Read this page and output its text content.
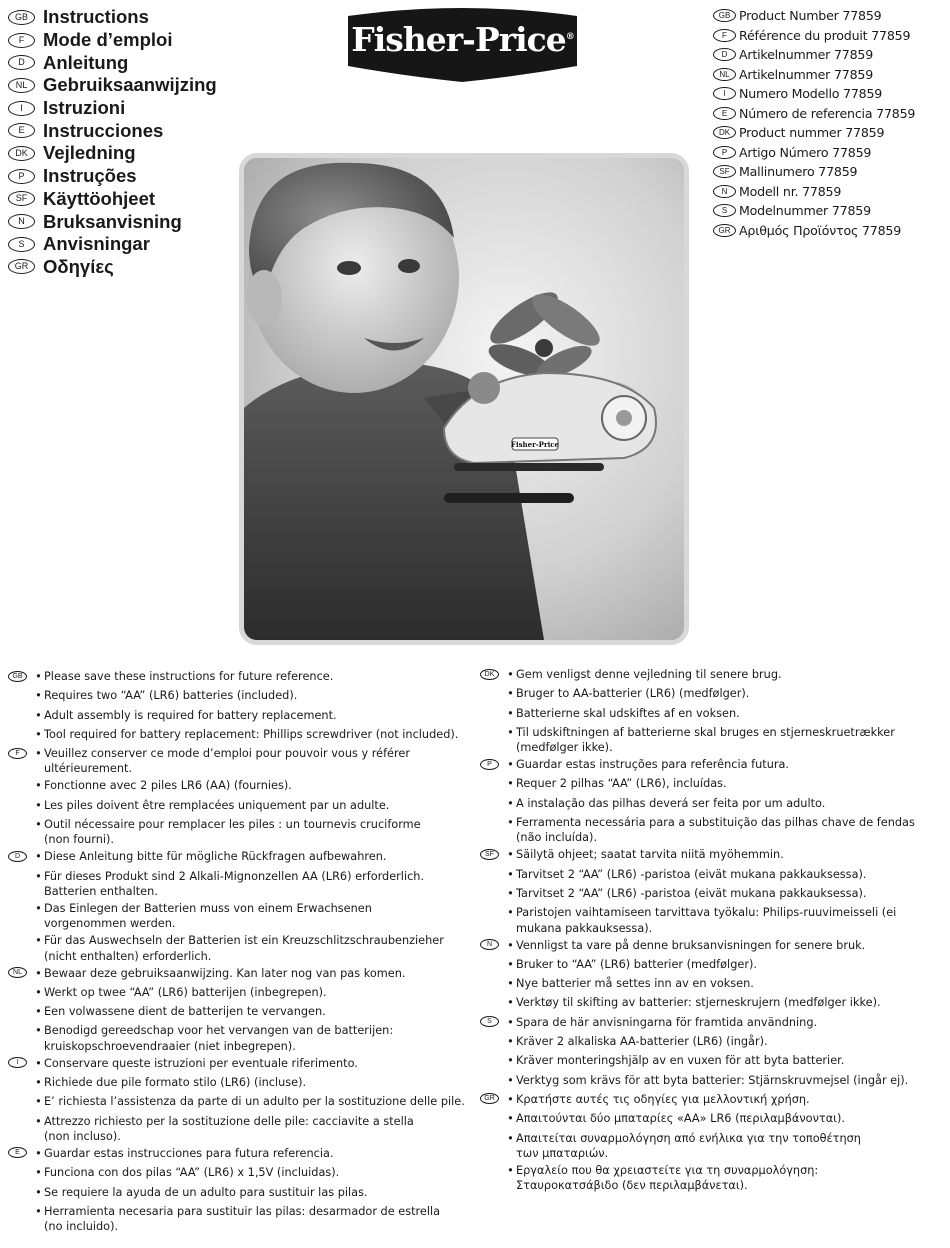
GB Instructions
F	Mode d’emploi
D Anleitung
NL Gebruiksaanwijzing
I	Istruzioni
E	Instrucciones
DK Vejledning
P	Instruções
SF Käyttöohjeet
N Bruksanvisning
S	Anvisningar
GR Οδηγίες
Fisher-Price®
GB Product Number 77859
F Référence du produit 77859
D Artikelnummer 77859
NL Artikelnummer 77859
I	Numero Modello 77859
E Número de referencia 77859
DK Product nummer 77859
P Artigo Número 77859
SF Mallinumero 77859
N Modell nr. 77859
S Modelnummer 77859
GR Αριθμός Προϊόντος 77859
Fisher-Price
GB	• Please save these instructions for future reference.
• Requires two “AA” (LR6) batteries (included).
• Adult assembly is required for battery replacement.
• Tool required for battery replacement: Phillips screwdriver (not included).
F	• Veuillez conserver ce mode d’emploi pour pouvoir vous y référer
ultérieurement.
• Fonctionne avec 2 piles LR6 (AA) (fournies).
• Les piles doivent être remplacées uniquement par un adulte.
• Outil nécessaire pour remplacer les piles : un tournevis cruciforme
(non fourni).
D	• Diese Anleitung bitte für mögliche Rückfragen aufbewahren.
• Für dieses Produkt sind 2 Alkali-Mignonzellen AA (LR6) erforderlich.
Batterien enthalten.
• Das Einlegen der Batterien muss von einem Erwachsenen
vorgenommen werden.
• Für das Auswechseln der Batterien ist ein Kreuzschlitzschraubenzieher
(nicht enthalten) erforderlich.
NL	• Bewaar deze gebruiksaanwijzing. Kan later nog van pas komen.
• Werkt op twee “AA” (LR6) batterijen (inbegrepen).
• Een volwassene dient de batterijen te vervangen.
• Benodigd gereedschap voor het vervangen van de batterijen:
kruiskopschroevendraaier (niet inbegrepen).
I	• Conservare queste istruzioni per eventuale riferimento.
• Richiede due pile formato stilo (LR6) (incluse).
• E’ richiesta l’assistenza da parte di un adulto per la sostituzione delle pile.
• Attrezzo richiesto per la sostituzione delle pile: cacciavite a stella
(non incluso).
E	• Guardar estas instrucciones para futura referencia.
• Funciona con dos pilas “AA” (LR6) x 1,5V (incluidas).
• Se requiere la ayuda de un adulto para sustituir las pilas.
• Herramienta necesaria para sustituir las pilas: desarmador de estrella
(no incluido).
DK	• Gem venligst denne vejledning til senere brug.
• Bruger to AA-batterier (LR6) (medfølger).
• Batterierne skal udskiftes af en voksen.
• Til udskiftningen af batterierne skal bruges en stjerneskruetrækker
(medfølger ikke).
P	• Guardar estas instruções para referência futura.
• Requer 2 pilhas “AA” (LR6), incluídas.
• A instalação das pilhas deverá ser feita por um adulto.
• Ferramenta necessária para a substituição das pilhas chave de fendas
(não incluída).
SF	• Säilytä ohjeet; saatat tarvita niitä myöhemmin.
• Tarvitset 2 “AA” (LR6) -paristoa (eivät mukana pakkauksessa).
• Tarvitset 2 “AA” (LR6) -paristoa (eivät mukana pakkauksessa).
• Paristojen vaihtamiseen tarvittava työkalu: Philips-ruuvimeisseli (ei
mukana pakkauksessa).
N	• Vennligst ta vare på denne bruksanvisningen for senere bruk.
• Bruker to “AA” (LR6) batterier (medfølger).
• Nye batterier må settes inn av en voksen.
• Verktøy til skifting av batterier: stjerneskrujern (medfølger ikke).
S	• Spara de här anvisningarna för framtida användning.
• Kräver 2 alkaliska AA-batterier (LR6) (ingår).
• Kräver monteringshjälp av en vuxen för att byta batterier.
• Verktyg som krävs för att byta batterier: Stjärnskruvmejsel (ingår ej).
GR	• Κρατήστε αυτές τις οδηγίες για μελλοντική χρήση.
• Απαιτούνται δύο μπαταρίες «AA» LR6 (περιλαμβάνονται).
• Απαιτείται συναρμολόγηση από ενήλικα για την τοποθέτηση
των μπαταριών.
• Εργαλείο που θα χρειαστείτε για τη συναρμολόγηση:
Σταυροκατσάβιδο (δεν περιλαμβάνεται).
